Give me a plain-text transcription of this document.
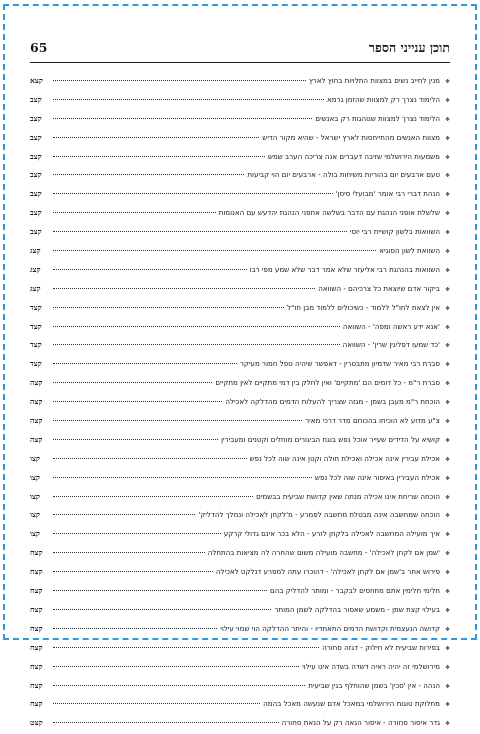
תוכן ענייני הספר
65
❖
מנין לחייב נשים במצוות התלויות בחוץ לארץ
קצא
❖
הלימוד נצרך רק למצוות שהזמן גרמא
קצב
❖
הלימוד נצרך למצוות שנוהגות רק באנשים
קצב
❖
מצוות האנשים מהתייחסות לארץ ישראל - שהיא מקור הדיש
קצב
❖
משמעות הירושלמי שזיבה דעברים אנה צריכה הערב שמש
קצב
❖
טעם ארבעים יום בהוריות משיחות בולה - ארבעים יום הוי קביעות
קצב
❖
הנהת דברי רבי אומר 'מבועלי סיסן'
קצב
❖
שלשלת אופני הנהגת עם הדבר בשלשה אחפני הנהגת יהדעש עם האנומות
קצב
❖
השוואות בלשון קושיית רבי יוסי
קצב
❖
השוואת לשון הסוגיא
קצג
❖
השוואות בהנהגת רבי אליעזר שלא אמר דבר שלא שמע מפי רבו
קצג
❖
ביקור אדם שיוצאת כל צרכיהם - השוואה
קצג
❖
אין לצאת לחו"ל ללמוד - כשיכולים ללמוד מבן חו"ל
קצד
❖
'אנא ידע ראשה ומפה' - השוואה
קצד
❖
'כד שמעו דפליגין שרין' - השוואה
קצד
❖
סברת רבי מאיר שדמיון מתבטרין - דאפשר שיהיה טפל חמור מעיקר
קצד
❖
סברת ר"מ - כל דומים הם 'מתקיים' ואין לחלק בין דמי מתקיים לאין מתקיים
קצה
❖
הוכחת ר"מ מעבן בשמן - מגזה שצריך להעלות הדמים מהדלקה לאכילה
קצה
❖
צ"ע מדוע לא הוכיחו בהכוחם מדר דרכי מאיר
קצה
❖
קושיא על הדידים שעייר אוכל נפש בוגח הביגורים מוחלים וקטנים ומעבירין
קצה
❖
אכילת עבירין אינה אכילה ואכילת חולה וקטן אינה שוה לכל נפש
קצו
❖
אכילת העבירין באיסור אינה שוה לכל נפש
קצו
❖
הוכחה שריחת אינו אכילה מנתה שאין קדושת שביעית בבשמים
קצו
❖
הוכחה שמחשבה אינה מבטלת מחשבה לפמרע - מ'לקחן לאכילה ונמלך להדליק'
קצו
❖
איך מועילה המחשבה לאכילה בלקחן לזרע - הלא בכר אינם גדולי קרקע
קצו
❖
'שמן אם לקחן לאכילה' - מחשבה מועילה משום שהחרה לה מציאות בהתחלה
קצח
❖
פירוש אחר ב'שמן אם לקחן לאכילה' - דהוכרו עתה למפרע דנלקט לאכילה
קצח
❖
חלימי חלימין אתם מחוזסים לבקבר - ומותר להדליק בהם
קצח
❖
בעילוי קצת שמן - משמע שאסור בהדלקה לשמן המותר
קצח
❖
קדושה הנעצמית וקדושת הדמים התאחדיו - והיתר ההדלקה הוי שמוי עילוי
קצח
❖
בפירות שביעית לא חילוק - דגזה סחורה
קצח
❖
מירושלמי זה יהיה ראיה דשדה בשדה אינו עילוי
קצח
❖
הנהה - אין 'סכין' בשמן שהוחלף בגין שביעית
קצח
❖
מחלוקת טוגות הירושלמי במאכל אדם שנעשה מאכל בהמה
קצח
❖
גדר איסור סחורה - איסור הגאה רק על הנאת סחורה
קצט
